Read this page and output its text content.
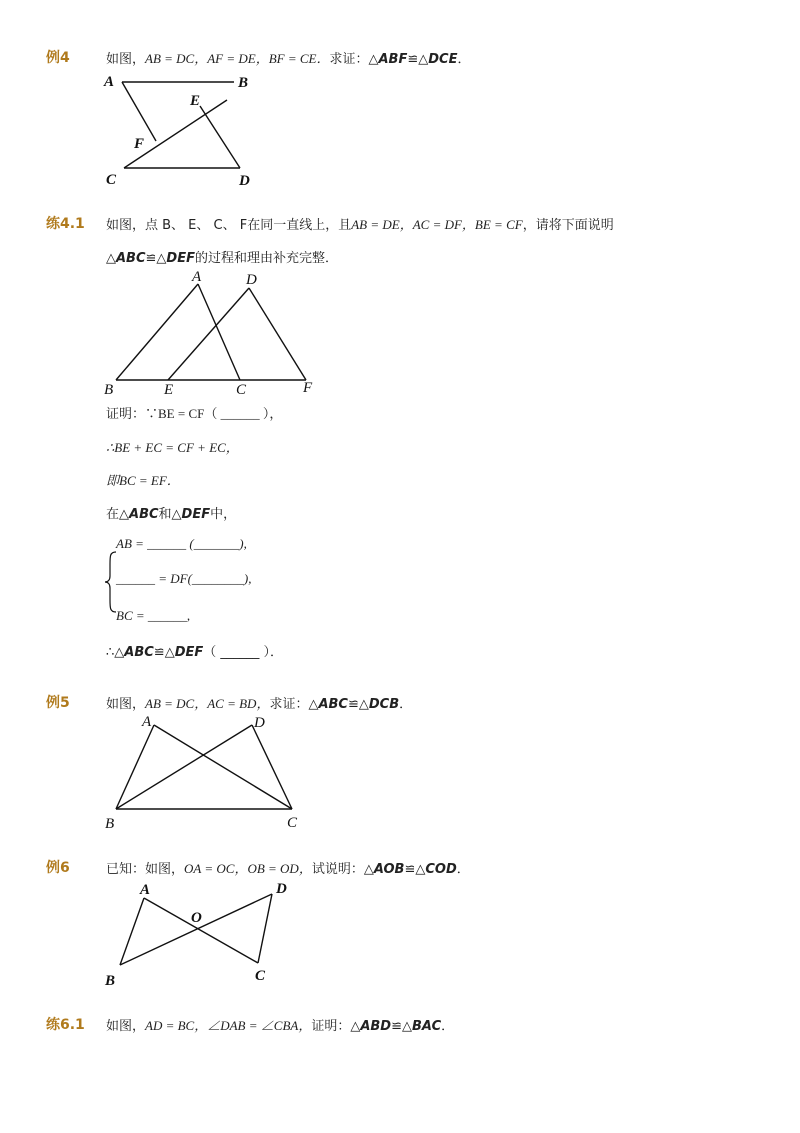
例4	如图，AB = DC，AF = DE，BF = CE．求证：△ABF≌△DCE．
A	B
E
F
C	D
练4.1 如图，点 B、 E、 C、 F在同一直线上，且AB = DE，AC = DF，BE = CF，请将下面说明
△ABC≌△DEF的过程和理由补充完整．
A	D
B	E	C	F
证明：∵BE = CF（ ______ ），
∴BE + EC = CF + EC，
即BC = EF．
在△ABC和△DEF中，
AB = ______ (_______),
______ = DF(________),
BC = ______,
∴△ABC≌△DEF（ ______ ）．
例5	如图，AB = DC，AC = BD，求证：△ABC≌△DCB．
A	D
B	C
例6	已知：如图，OA = OC，OB = OD，试说明：△AOB≌△COD．
A
O
D
B	C
练6.1 如图，AD = BC，∠DAB = ∠CBA，证明：△ABD≌△BAC．
